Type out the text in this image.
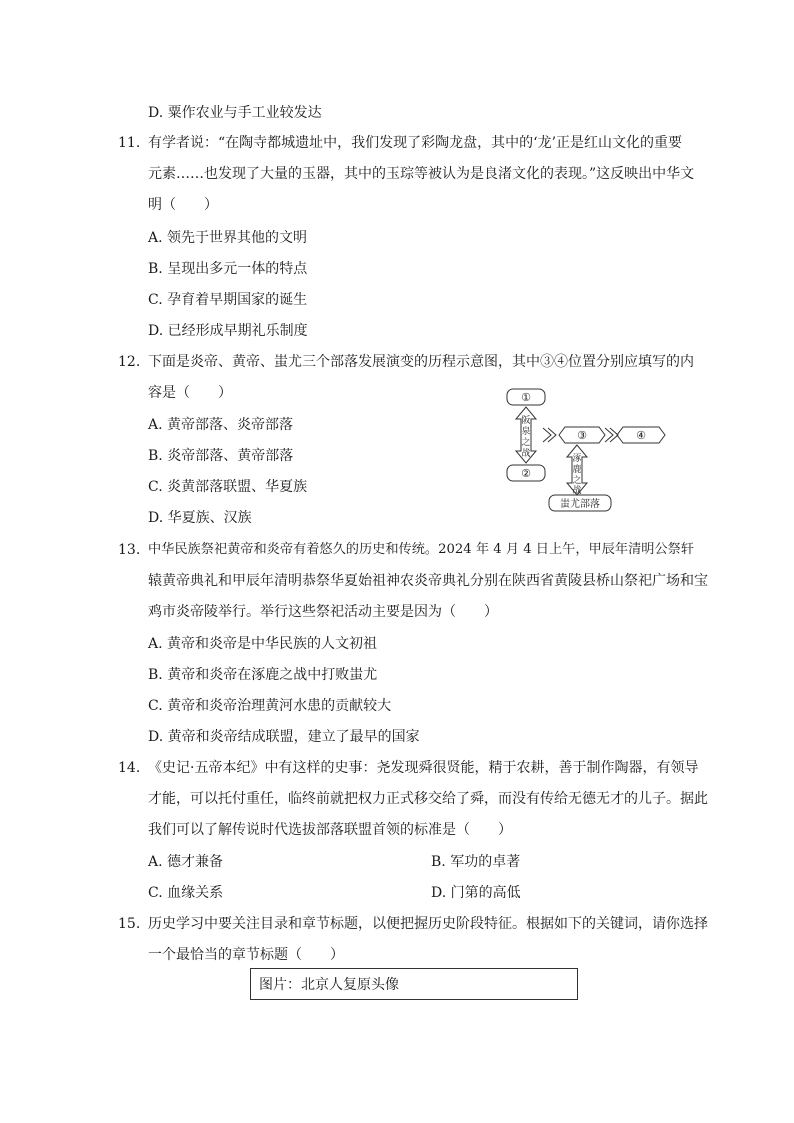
D. 粟作农业与手工业较发达
11. 有学者说：“在陶寺都城遗址中，我们发现了彩陶龙盘，其中的‘龙’正是红山文化的重要
元素……也发现了大量的玉器，其中的玉琮等被认为是良渚文化的表现。”这反映出中华文
明（　　）
A. 领先于世界其他的文明
B. 呈现出多元一体的特点
C. 孕育着早期国家的诞生
D. 已经形成早期礼乐制度
12. 下面是炎帝、黄帝、蚩尤三个部落发展演变的历程示意图，其中③④位置分别应填写的内
容是（　　）
A. 黄帝部落、炎帝部落
B. 炎帝部落、黄帝部落
C. 炎黄部落联盟、华夏族
D. 华夏族、汉族
①
②
③	④
蚩尤部落
阪
泉
之
战	涿
鹿
之
战
13. 中华民族祭祀黄帝和炎帝有着悠久的历史和传统。2024 年 4 月 4 日上午，甲辰年清明公祭轩
辕黄帝典礼和甲辰年清明恭祭华夏始祖神农炎帝典礼分别在陕西省黄陵县桥山祭祀广场和宝
鸡市炎帝陵举行。举行这些祭祀活动主要是因为（　　）
A. 黄帝和炎帝是中华民族的人文初祖
B. 黄帝和炎帝在涿鹿之战中打败蚩尤
C. 黄帝和炎帝治理黄河水患的贡献较大
D. 黄帝和炎帝结成联盟，建立了最早的国家
14. 《史记·五帝本纪》中有这样的史事：尧发现舜很贤能，精于农耕，善于制作陶器，有领导
才能，可以托付重任，临终前就把权力正式移交给了舜，而没有传给无德无才的儿子。据此
我们可以了解传说时代选拔部落联盟首领的标准是（　　）
A. 德才兼备	B. 军功的卓著
C. 血缘关系	D. 门第的高低
15. 历史学习中要关注目录和章节标题，以便把握历史阶段特征。根据如下的关键词，请你选择
一个最恰当的章节标题（　　）
图片：北京人复原头像
